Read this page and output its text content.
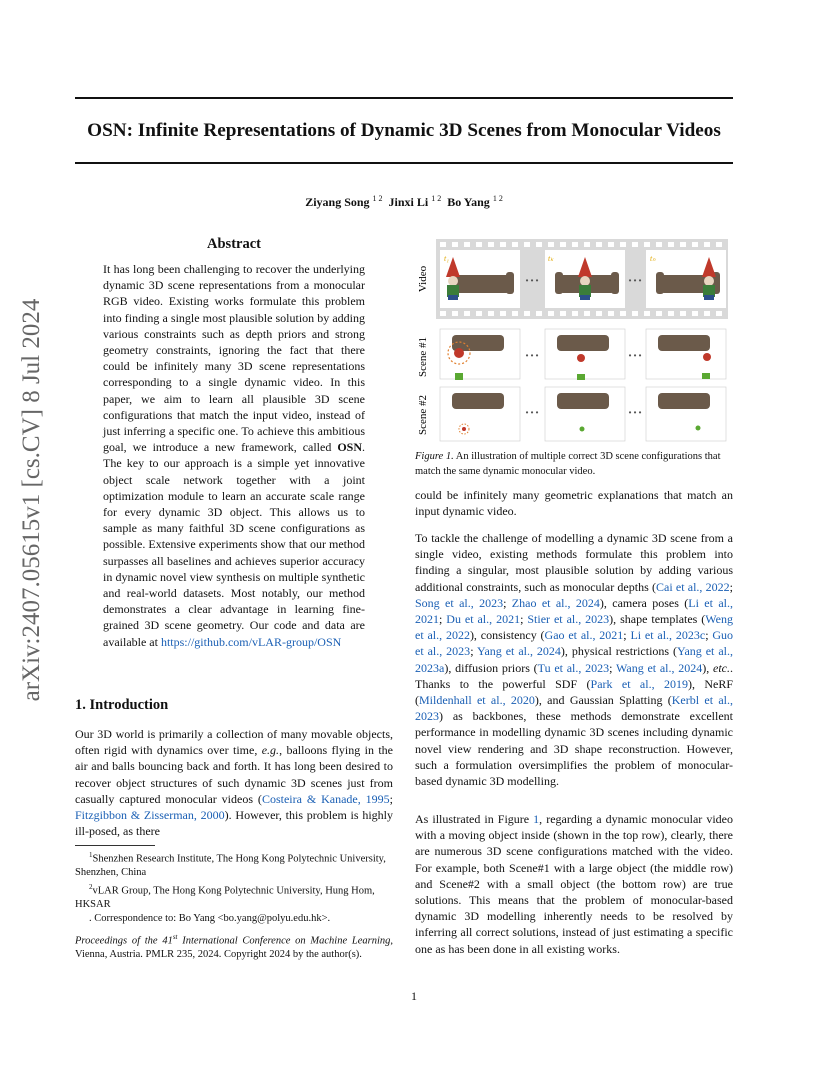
arXiv:2407.05615v1 [cs.CV] 8 Jul 2024
OSN: Infinite Representations of Dynamic 3D Scenes from Monocular Videos
Ziyang Song $^{1 2}$ Jinxi Li $^{1 2}$ Bo Yang $^{1 2}$
Abstract

It has long been challenging to recover the underlying dynamic 3D scene representations from a monocular RGB video. Existing works formulate this problem into finding a single most plausible solution by adding various constraints such as depth priors and strong geometry constraints, ignoring the fact that there could be infinitely many 3D scene representations corresponding to a single dynamic video. In this paper, we aim to learn all plausible 3D scene configurations that match the input video, instead of just inferring a specific one. To achieve this ambitious goal, we introduce a new framework, called OSN. The key to our approach is a simple yet innovative object scale network together with a joint optimization module to learn an accurate scale range for every dynamic 3D object. This allows us to sample as many faithful 3D scene configurations as possible. Extensive experiments show that our method surpasses all baselines and achieves superior accuracy in dynamic novel view synthesis on multiple synthetic and real-world datasets. Most notably, our method demonstrates a clear advantage in learning fine-grained 3D scene geometry. Our code and data are available at https://github.com/vLAR-group/OSN

1. Introduction

Our 3D world is primarily a collection of many movable objects, often rigid with dynamics over time, e.g., balloons flying in the air and balls bouncing back and forth. It has long been desired to recover object structures of such dynamic 3D scenes just from casually captured monocular videos (Costeira & Kanade, 1995; Fitzgibbon & Zisserman, 2000). However, this problem is highly ill-posed, as there

$^1$Shenzhen Research Institute, The Hong Kong Polytechnic University, Shenzhen, China

$^2$vLAR Group, The Hong Kong Polytechnic University, Hung Hom, HKSAR

. Correspondence to: Bo Yang <bo.yang@polyu.edu.hk>.

Proceedings of the 41st International Conference on Machine Learning, Vienna, Austria. PMLR 235, 2024. Copyright 2024 by the author(s).
Video
Scene #1
Scene #2
t₁	tₖ	tₙ
• • •	• • •
• • •	• • •
• • •	• • •
Figure 1. An illustration of multiple correct 3D scene configurations that match the same dynamic monocular video.

could be infinitely many geometric explanations that match an input dynamic video.

To tackle the challenge of modelling a dynamic 3D scene from a single video, existing methods formulate this problem into finding a singular, most plausible solution by adding various additional constraints, such as monocular depths (Cai et al., 2022; Song et al., 2023; Zhao et al., 2024), camera poses (Li et al., 2021; Du et al., 2021; Stier et al., 2023), shape templates (Weng et al., 2022), consistency (Gao et al., 2021; Li et al., 2023c; Guo et al., 2023; Yang et al., 2024), physical restrictions (Yang et al., 2023a), diffusion priors (Tu et al., 2023; Wang et al., 2024), etc.. Thanks to the powerful SDF (Park et al., 2019), NeRF (Mildenhall et al., 2020), and Gaussian Splatting (Kerbl et al., 2023) as backbones, these methods demonstrate excellent performance in modelling dynamic 3D scenes including dynamic novel view rendering and 3D shape reconstruction. However, such a formulation oversimplifies the problem of monocular-based dynamic 3D modelling.

As illustrated in Figure 1, regarding a dynamic monocular video with a moving object inside (shown in the top row), clearly, there are numerous 3D scene configurations matched with the video. For example, both Scene#1 with a large object (the middle row) and Scene#2 with a small object (the bottom row) are true solutions. This means that the problem of monocular-based dynamic 3D modelling inherently needs to be resolved by inferring all correct solutions, instead of just estimating a specific one as has been done in all existing works.

1
